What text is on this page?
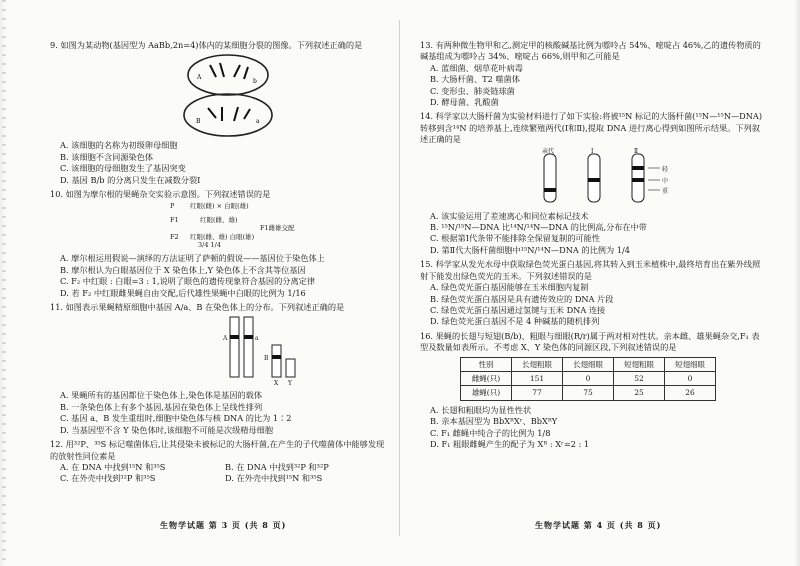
9. 如图为某动物(基因型为 AaBb,2n=4)体内的某细胞分裂的图像。下列叙述正确的是
A
b
B	a
A. 该细胞的名称为初级卵母细胞
B. 该细胞不含同源染色体
C. 该细胞的母细胞发生了基因突变
D. 基因 B/b 的分离只发生在减数分裂Ⅰ
10. 如图为摩尔根的果蝇杂交实验示意图。下列叙述错误的是
P 红眼(雌) × 白眼(雄)
F1	红眼(雌、雄)
F1雌雄交配
F2 红眼(雌、雄) 白眼(雄)
3/4 1/4
A. 摩尔根运用假说—演绎的方法证明了萨顿的假说——基因位于染色体上
B. 摩尔根认为白眼基因位于 X 染色体上,Y 染色体上不含其等位基因
C. F₂ 中红眼 : 白眼=3 : 1,说明了眼色的遗传现象符合基因的分离定律
D. 若 F₂ 中红眼雌果蝇自由交配,后代雄性果蝇中白眼的比例为 1/16
11. 如图表示果蝇精原细胞中基因 A/a、B 在染色体上的分布。下列叙述正确的是
A	a
B
X Y
A. 果蝇所有的基因都位于染色体上,染色体是基因的载体
B. 一条染色体上有多个基因,基因在染色体上呈线性排列
C. 基因 a、B 发生重组时,细胞中染色体与核 DNA 的比为 1∶2
D. 当基因型不含 Y 染色体时,该细胞不可能是次级精母细胞
12. 用³²P、³⁵S 标记噬菌体后,让其侵染未被标记的大肠杆菌,在产生的子代噬菌体中能够发现的放射性同位素是
A. 在 DNA 中找到¹⁵N 和³⁵S	B. 在 DNA 中找到³²P 和³²P
C. 在外壳中找到³²P 和³⁵S	D. 在外壳中找到¹⁵N 和³⁵S
13. 有两种微生物甲和乙,测定甲的核酸碱基比例为嘌呤占 54%、嘧啶占 46%,乙的遗传物质的碱基组成为嘌呤占 34%、嘧啶占 66%,则甲和乙可能是
A. 蓝细菌、烟草花叶病毒
B. 大肠杆菌、T2 噬菌体
C. 变形虫、肺炎链球菌
D. 酵母菌、乳酸菌
14. 科学家以大肠杆菌为实验材料进行了如下实验:将被¹⁵N 标记的大肠杆菌(¹⁵N—¹⁵N—DNA)转移到含¹⁴N 的培养基上,连续繁殖两代(Ⅰ和Ⅱ),提取 DNA 进行离心得到如图所示结果。下列叙述正确的是
亲代	Ⅰ	Ⅱ
轻
中
重
A. 该实验运用了差速离心和同位素标记技术
B. ¹⁵N/¹⁵N—DNA 比¹⁴N/¹⁴N—DNA 的比例高,分布在中带
C. 根据第Ⅰ代条带不能排除全保留复制的可能性
D. 第Ⅱ代大肠杆菌细胞中¹⁵N/¹⁴N—DNA 的比例为 1/4
15. 科学家从发光水母中获取绿色荧光蛋白基因,将其转入到玉米植株中,最终培育出在紫外线照射下能发出绿色荧光的玉米。下列叙述错误的是
A. 绿色荧光蛋白基因能够在玉米细胞内复制
B. 绿色荧光蛋白基因是具有遗传效应的 DNA 片段
C. 绿色荧光蛋白基因通过氢键与玉米 DNA 连接
D. 绿色荧光蛋白基因不是 4 种碱基的随机排列
16. 果蝇的长翅与短翅(B/b)、粗眼与细眼(R/r)属于两对相对性状。亲本雌、雄果蝇杂交,F₁ 表型及数量如表所示。不考虑 X、Y 染色体的同源区段,下列叙述错误的是
性别	长翅粗眼	长翅细眼	短翅粗眼	短翅细眼
雌蝇(只)	151	0	52	0
雄蝇(只)	77	75	25	26
A. 长翅和粗眼均为显性性状
B. 亲本基因型为 BbXᴿXʳ、BbXᴿY
C. F₁ 雌蝇中纯合子的比例为 1/8
D. F₁ 粗眼雌蝇产生的配子为 Xᴿ : Xʳ=2 : 1
生物学试题 第 3 页 (共 8 页)	生物学试题 第 4 页 (共 8 页)
